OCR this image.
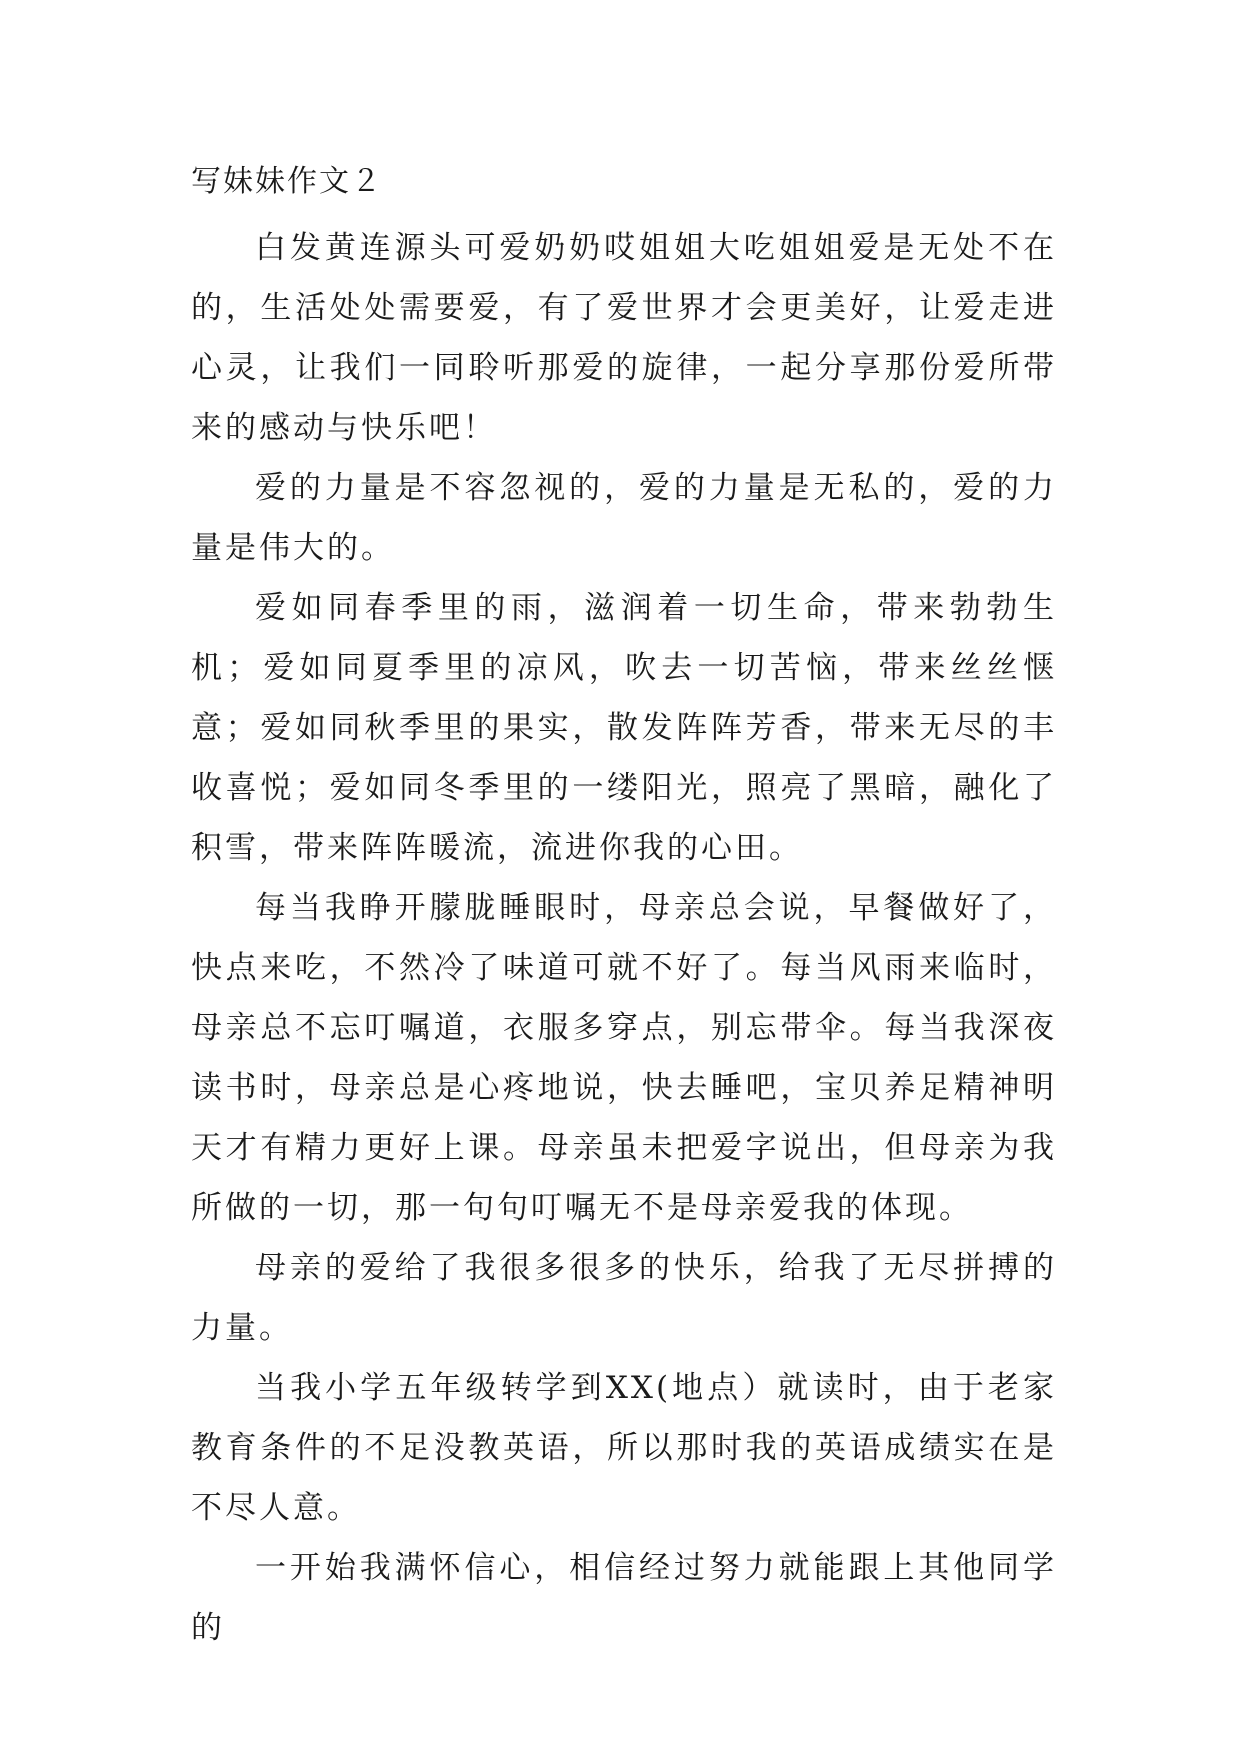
写妹妹作文２

白发黄连源头可爱奶奶哎姐姐大吃姐姐爱是无处不在的，生活处处需要爱，有了爱世界才会更美好，让爱走进心灵，让我们一同聆听那爱的旋律，一起分享那份爱所带来的感动与快乐吧！

爱的力量是不容忽视的，爱的力量是无私的，爱的力量是伟大的。

爱如同春季里的雨，滋润着一切生命，带来勃勃生机；爱如同夏季里的凉风，吹去一切苦恼，带来丝丝惬意；爱如同秋季里的果实，散发阵阵芳香，带来无尽的丰收喜悦；爱如同冬季里的一缕阳光，照亮了黑暗，融化了积雪，带来阵阵暖流，流进你我的心田。

每当我睁开朦胧睡眼时，母亲总会说，早餐做好了，快点来吃，不然冷了味道可就不好了。每当风雨来临时，母亲总不忘叮嘱道，衣服多穿点，别忘带伞。每当我深夜读书时，母亲总是心疼地说，快去睡吧，宝贝养足精神明天才有精力更好上课。母亲虽未把爱字说出，但母亲为我所做的一切，那一句句叮嘱无不是母亲爱我的体现。

母亲的爱给了我很多很多的快乐，给我了无尽拼搏的力量。

当我小学五年级转学到XX(地点）就读时，由于老家教育条件的不足没教英语，所以那时我的英语成绩实在是不尽人意。

一开始我满怀信心，相信经过努力就能跟上其他同学的
